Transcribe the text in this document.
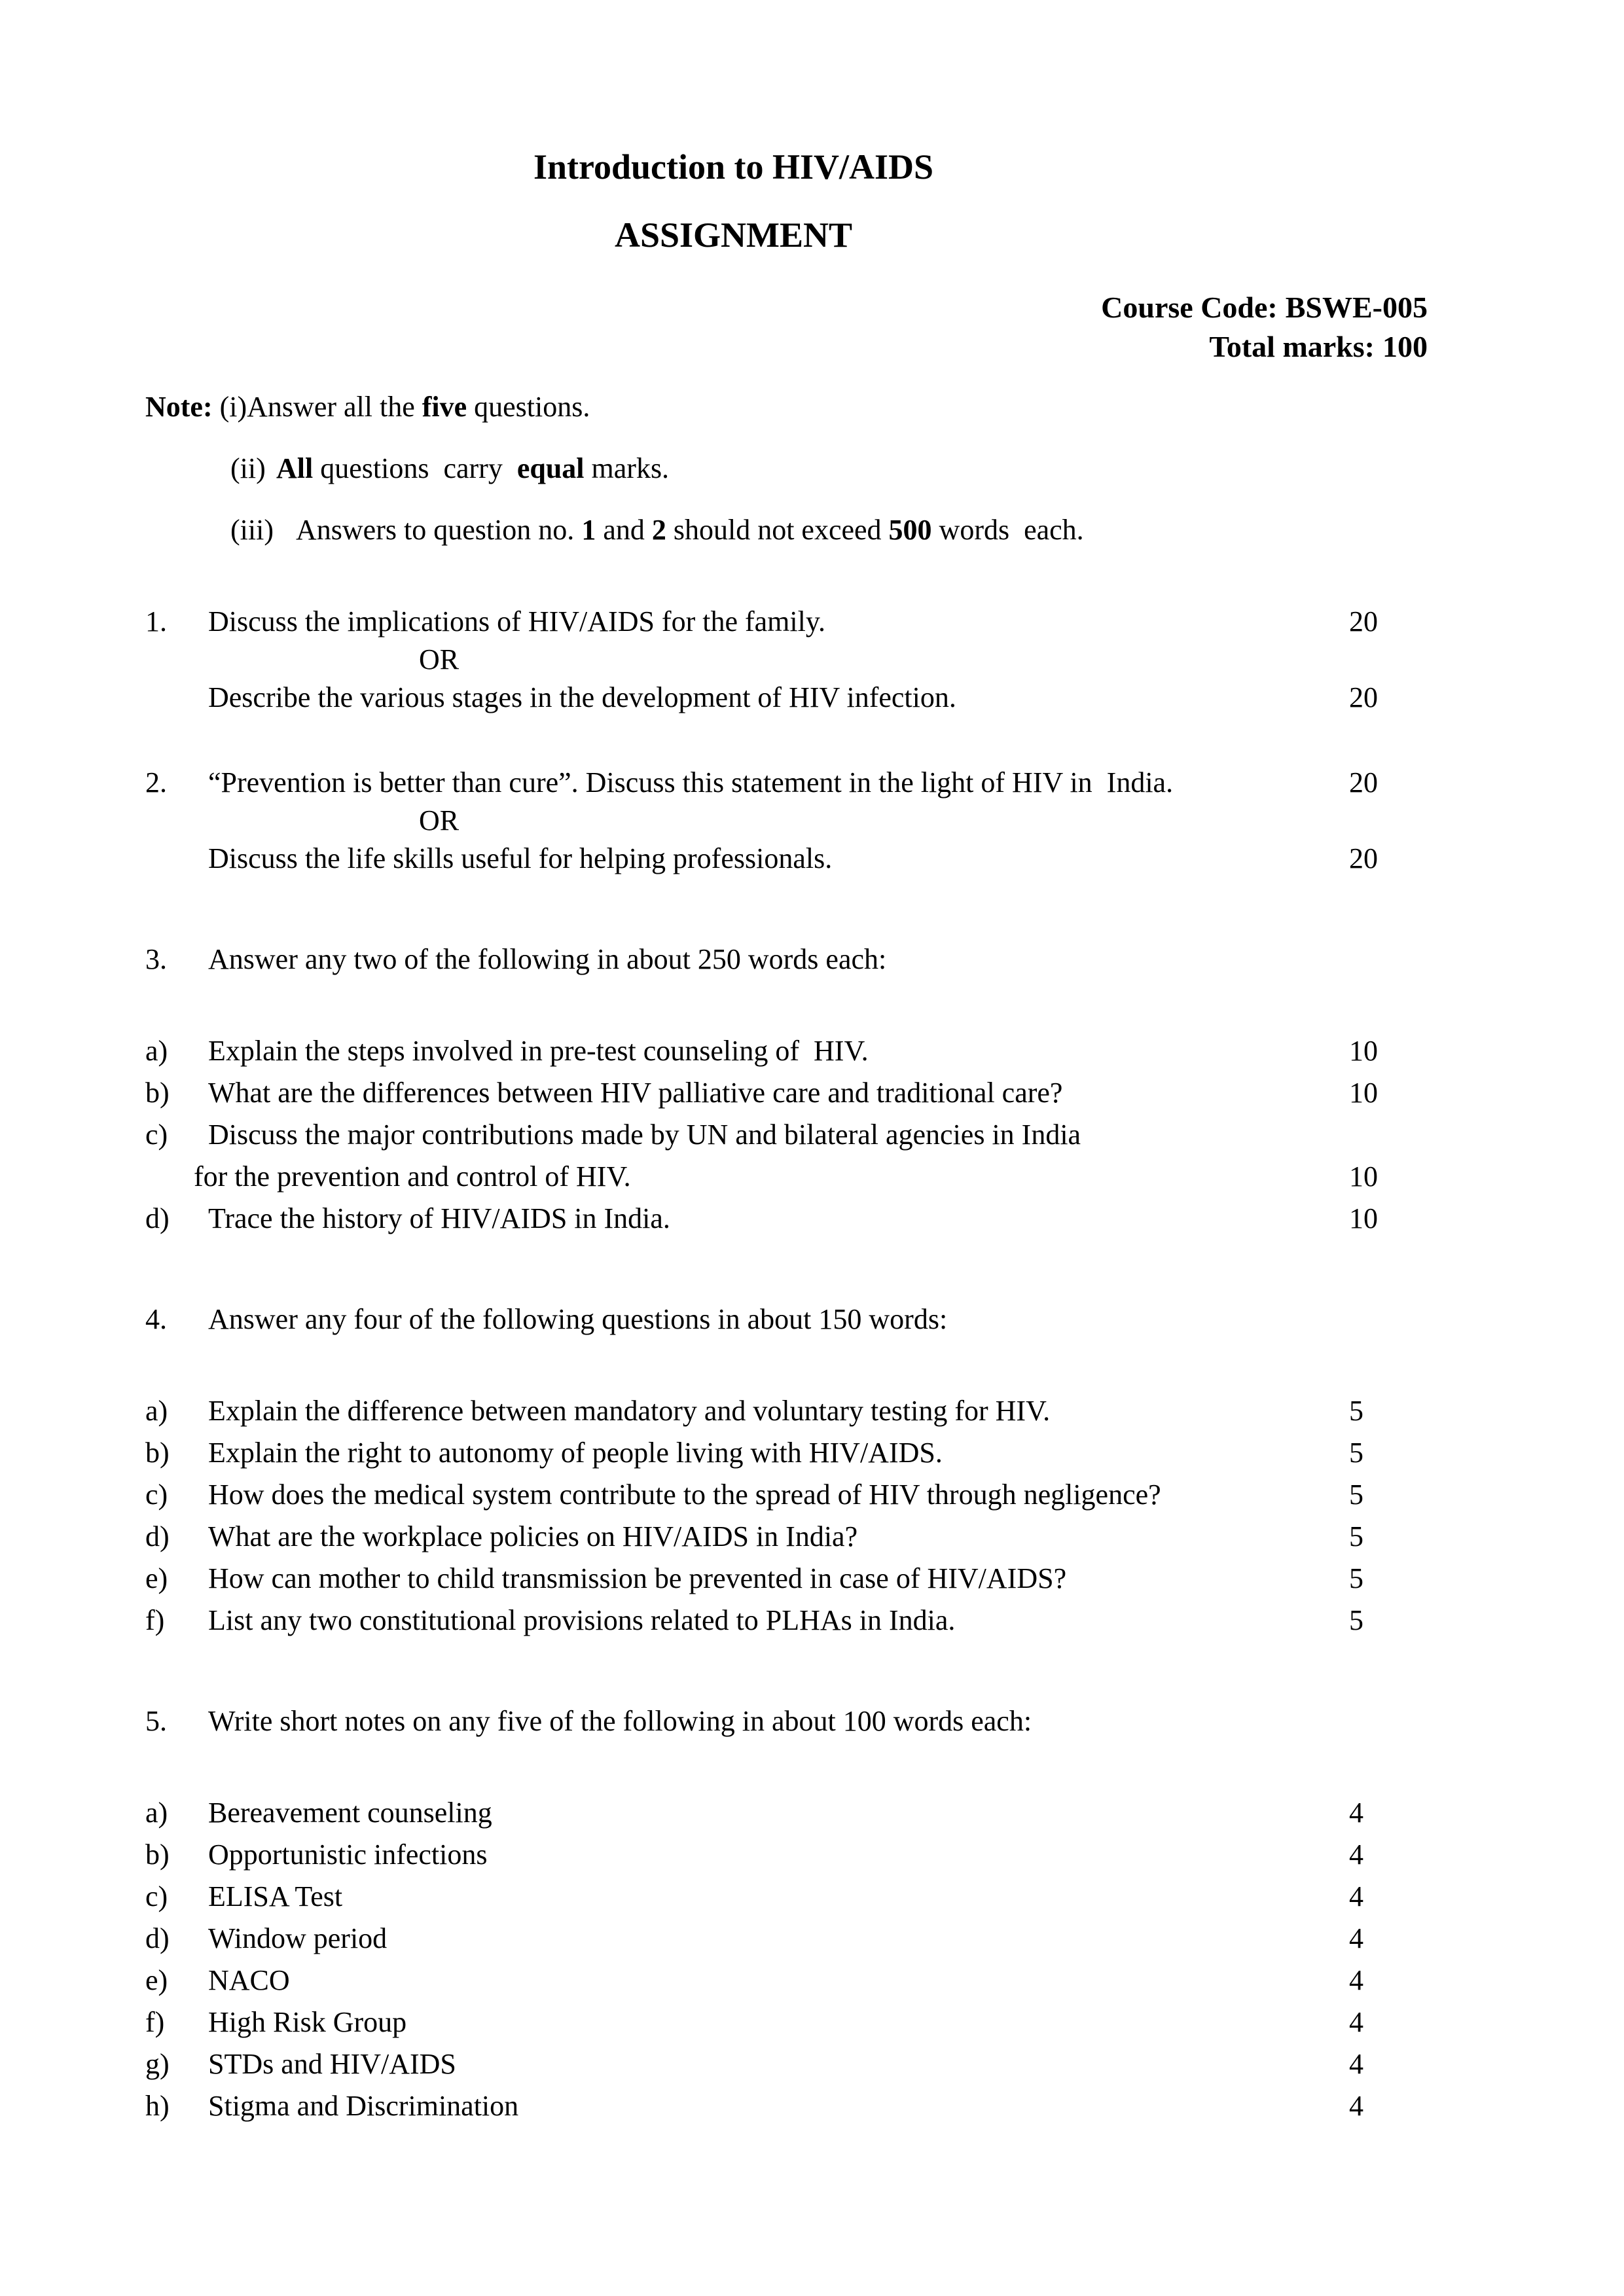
Introduction to HIV/AIDS
ASSIGNMENT
Course Code: BSWE-005
Total marks: 100
Note:
(i) Answer all the five questions.
(ii) All questions  carry  equal marks.
(iii) Answers to question no. 1 and 2 should not exceed 500 words  each.
1.	Discuss the implications of HIV/AIDS for the family.	20
OR
Describe the various stages in the development of HIV infection.	20
2.	“Prevention is better than cure”. Discuss this statement in the light of HIV in  India.	20
OR
Discuss the life skills useful for helping professionals.	20
3.	Answer any two of the following in about 250 words each:
a)	Explain the steps involved in pre-test counseling of  HIV.	10
b)	What are the differences between HIV palliative care and traditional care?	10
c)	Discuss the major contributions made by UN and bilateral agencies in India
for the prevention and control of HIV.	10
d)	Trace the history of HIV/AIDS in India.	10
4.	Answer any four of the following questions in about 150 words:
a)	Explain the difference between mandatory and voluntary testing for HIV.	5
b)	Explain the right to autonomy of people living with HIV/AIDS.	5
c)	How does the medical system contribute to the spread of HIV through negligence?	5
d)	What are the workplace policies on HIV/AIDS in India?	5
e)	How can mother to child transmission be prevented in case of HIV/AIDS?	5
f)	List any two constitutional provisions related to PLHAs in India.	5
5.	Write short notes on any five of the following in about 100 words each:
a)	Bereavement counseling	4
b)	Opportunistic infections	4
c)	ELISA Test	4
d)	Window period	4
e)	NACO	4
f)	High Risk Group	4
g)	STDs and HIV/AIDS	4
h)	Stigma and Discrimination	4
